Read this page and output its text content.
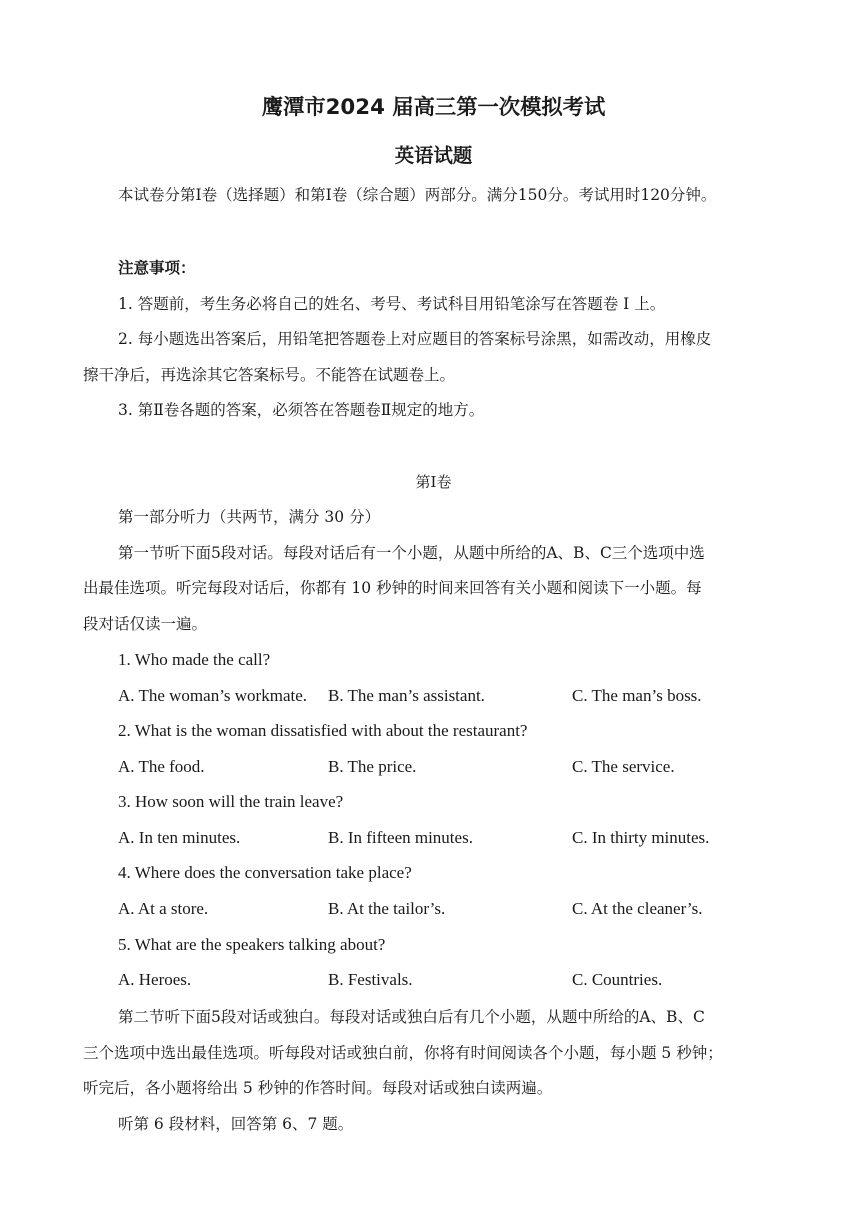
鹰潭市2024 届高三第一次模拟考试
英语试题
本试卷分第I卷（选择题）和第I卷（综合题）两部分。满分150分。考试用时120分钟。
注意事项：
1. 答题前，考生务必将自己的姓名、考号、考试科目用铅笔涂写在答题卷 I 上。
2. 每小题选出答案后，用铅笔把答题卷上对应题目的答案标号涂黑，如需改动，用橡皮
擦干净后，再选涂其它答案标号。不能答在试题卷上。
3. 第Ⅱ卷各题的答案，必须答在答题卷Ⅱ规定的地方。
第I卷
第一部分听力（共两节，满分 30 分）
第一节听下面5段对话。每段对话后有一个小题，从题中所给的A、B、C三个选项中选
出最佳选项。听完每段对话后，你都有 10 秒钟的时间来回答有关小题和阅读下一小题。每
段对话仅读一遍。
1. Who made the call?
A. The woman’s workmate. B. The man’s assistant.	C. The man’s boss.
2. What is the woman dissatisfied with about the restaurant?
A. The food.	B. The price.	C. The service.
3. How soon will the train leave?
A. In ten minutes.	B. In fifteen minutes.	C. In thirty minutes.
4. Where does the conversation take place?
A. At a store.	B. At the tailor’s.	C. At the cleaner’s.
5. What are the speakers talking about?
A. Heroes.	B. Festivals.	C. Countries.
第二节听下面5段对话或独白。每段对话或独白后有几个小题，从题中所给的A、B、C
三个选项中选出最佳选项。听每段对话或独白前，你将有时间阅读各个小题，每小题 5 秒钟；
听完后，各小题将给出 5 秒钟的作答时间。每段对话或独白读两遍。
听第 6 段材料，回答第 6、7 题。
